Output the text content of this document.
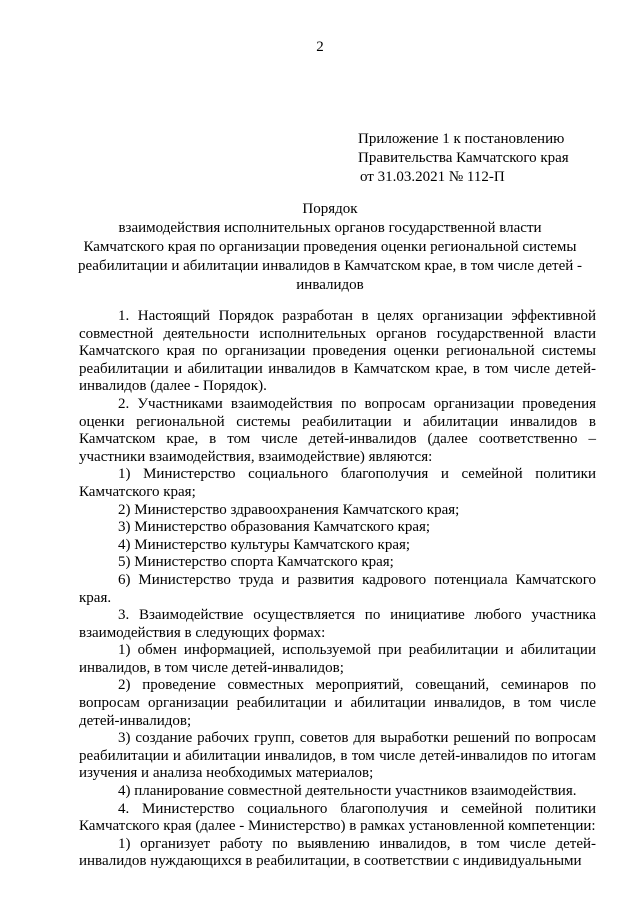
2
Приложение 1 к постановлению
Правительства Камчатского края
от 31.03.2021 № 112-П
Порядок
взаимодействия исполнительных органов государственной власти
Камчатского края по организации проведения оценки региональной системы
реабилитации и абилитации инвалидов в Камчатском крае, в том числе детей -
инвалидов

1. Настоящий Порядок разработан в целях организации эффективной совместной деятельности исполнительных органов государственной власти Камчатского края по организации проведения оценки региональной системы реабилитации и абилитации инвалидов в Камчатском крае, в том числе детей-инвалидов (далее - Порядок).

2. Участниками взаимодействия по вопросам организации проведения оценки региональной системы реабилитации и абилитации инвалидов в Камчатском крае, в том числе детей-инвалидов (далее соответственно – участники взаимодействия, взаимодействие) являются:

1) Министерство социального благополучия и семейной политики Камчатского края;

2) Министерство здравоохранения Камчатского края;

3) Министерство образования Камчатского края;

4) Министерство культуры Камчатского края;

5) Министерство спорта Камчатского края;

6) Министерство труда и развития кадрового потенциала Камчатского края.

3. Взаимодействие осуществляется по инициативе любого участника взаимодействия в следующих формах:

1) обмен информацией, используемой при реабилитации и абилитации инвалидов, в том числе детей-инвалидов;

2) проведение совместных мероприятий, совещаний, семинаров по вопросам организации реабилитации и абилитации инвалидов, в том числе детей-инвалидов;

3) создание рабочих групп, советов для выработки решений по вопросам реабилитации и абилитации инвалидов, в том числе детей-инвалидов по итогам изучения и анализа необходимых материалов;

4) планирование совместной деятельности участников взаимодействия.

4. Министерство социального благополучия и семейной политики Камчатского края (далее - Министерство) в рамках установленной компетенции:

1) организует работу по выявлению инвалидов, в том числе детей-инвалидов нуждающихся в реабилитации, в соответствии с индивидуальными
